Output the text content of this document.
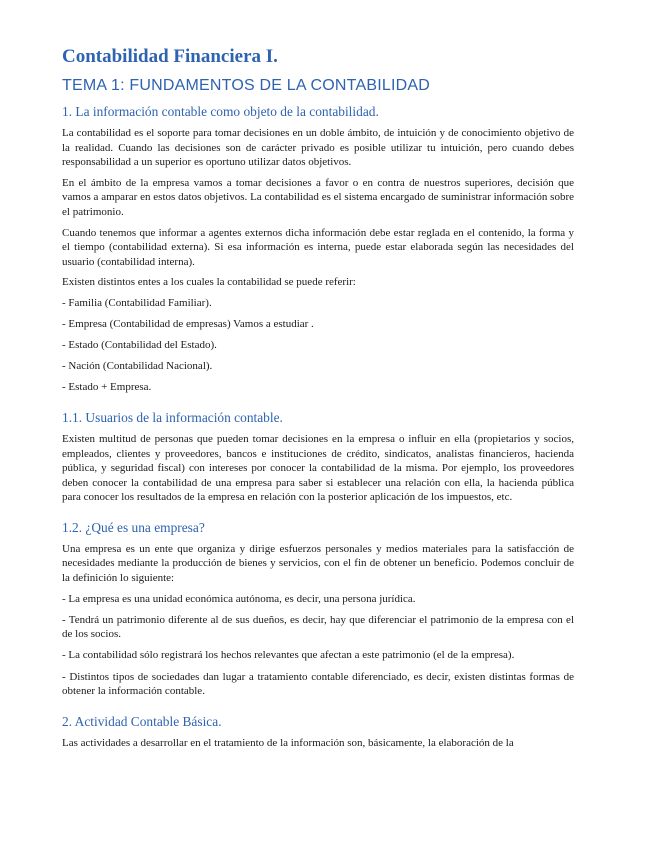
Contabilidad Financiera I.
TEMA 1: FUNDAMENTOS DE LA CONTABILIDAD
1. La información contable como objeto de la contabilidad.

La contabilidad es el soporte para tomar decisiones en un doble ámbito, de intuición y de conocimiento objetivo de la realidad. Cuando las decisiones son de carácter privado es posible utilizar tu intuición, pero cuando debes responsabilidad a un superior es oportuno utilizar datos objetivos.

En el ámbito de la empresa vamos a tomar decisiones a favor o en contra de nuestros superiores, decisión que vamos a amparar en estos datos objetivos. La contabilidad es el sistema encargado de suministrar información sobre el patrimonio.

Cuando tenemos que informar a agentes externos dicha información debe estar reglada en el contenido, la forma y el tiempo (contabilidad externa). Si esa información es interna, puede estar elaborada según las necesidades del usuario (contabilidad interna).

Existen distintos entes a los cuales la contabilidad se puede referir:

- Familia (Contabilidad Familiar).

- Empresa (Contabilidad de empresas) Vamos a estudiar .

- Estado (Contabilidad del Estado).

- Nación (Contabilidad Nacional).

- Estado + Empresa.

1.1. Usuarios de la información contable.

Existen multitud de personas que pueden tomar decisiones en la empresa o influir en ella (propietarios y socios, empleados, clientes y proveedores, bancos e instituciones de crédito, sindicatos, analistas financieros, hacienda pública, y seguridad fiscal) con intereses por conocer la contabilidad de la misma. Por ejemplo, los proveedores deben conocer la contabilidad de una empresa para saber si establecer una relación con ella, la hacienda pública para conocer los resultados de la empresa en relación con la posterior aplicación de los impuestos, etc.

1.2. ¿Qué es una empresa?

Una empresa es un ente que organiza y dirige esfuerzos personales y medios materiales para la satisfacción de necesidades mediante la producción de bienes y servicios, con el fin de obtener un beneficio. Podemos concluir de la definición lo siguiente:

- La empresa es una unidad económica autónoma, es decir, una persona jurídica.

- Tendrá un patrimonio diferente al de sus dueños, es decir, hay que diferenciar el patrimonio de la empresa con el de los socios.

- La contabilidad sólo registrará los hechos relevantes que afectan a este patrimonio (el de la empresa).

- Distintos tipos de sociedades dan lugar a tratamiento contable diferenciado, es decir, existen distintas formas de obtener la información contable.

2. Actividad Contable Básica.

Las actividades a desarrollar en el tratamiento de la información son, básicamente, la elaboración de la
